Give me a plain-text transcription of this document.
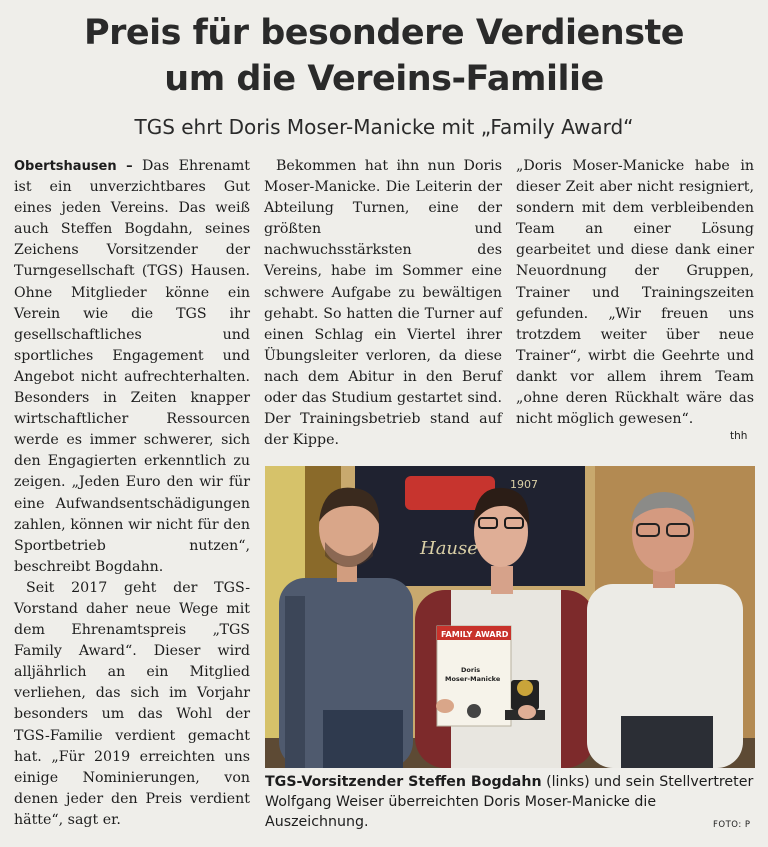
Preis für besondere Verdienste
um die Vereins-Familie
TGS ehrt Doris Moser-Manicke mit „Family Award“

Obertshausen – Das Ehrenamt ist ein unverzichtbares Gut eines jeden Vereins. Das weiß auch Steffen Bogdahn, seines Zeichens Vorsitzender der Turngesellschaft (TGS) Hausen. Ohne Mitglieder könne ein Verein wie die TGS ihr gesellschaftliches und sportliches Engagement und Angebot nicht aufrechterhalten. Besonders in Zeiten knapper wirtschaftlicher Ressourcen werde es immer schwerer, sich den Engagierten erkenntlich zu zeigen. „Jeden Euro den wir für eine Aufwandsentschädigungen zahlen, können wir nicht für den Sportbetrieb nutzen“, beschreibt Bogdahn.

Seit 2017 geht der TGS-Vorstand daher neue Wege mit dem Ehrenamtspreis „TGS Family Award“. Dieser wird alljährlich an ein Mitglied verliehen, das sich im Vorjahr besonders um das Wohl der TGS-Familie verdient gemacht hat. „Für 2019 erreichten uns einige Nominierungen, von denen jeder den Preis verdient hätte“, sagt er.

Bekommen hat ihn nun Doris Moser-Manicke. Die Leiterin der Abteilung Turnen, eine der größten und nachwuchsstärksten des Vereins, habe im Sommer eine schwere Aufgabe zu bewältigen gehabt. So hatten die Turner auf einen Schlag ein Viertel ihrer Übungsleiter verloren, da diese nach dem Abitur in den Beruf oder das Studium gestartet sind. Der Trainingsbetrieb stand auf der Kippe.

„Doris Moser-Manicke habe in dieser Zeit aber nicht resigniert, sondern mit dem verbleibenden Team an einer Lösung gearbeitet und diese dank einer Neuordnung der Gruppen, Trainer und Trainingszeiten gefunden. „Wir freuen uns trotzdem weiter über neue Trainer“, wirbt die Geehrte und dankt vor allem ihrem Team „ohne deren Rückhalt wäre das nicht möglich gewesen“.

thh
1907
Hause
FAMILY AWARD
Doris
Moser-Manicke
TGS-Vorsitzender Steffen Bogdahn (links) und sein Stellvertreter Wolfgang Weiser überreichten Doris Moser-Manicke die Auszeichnung.	FOTO: P
